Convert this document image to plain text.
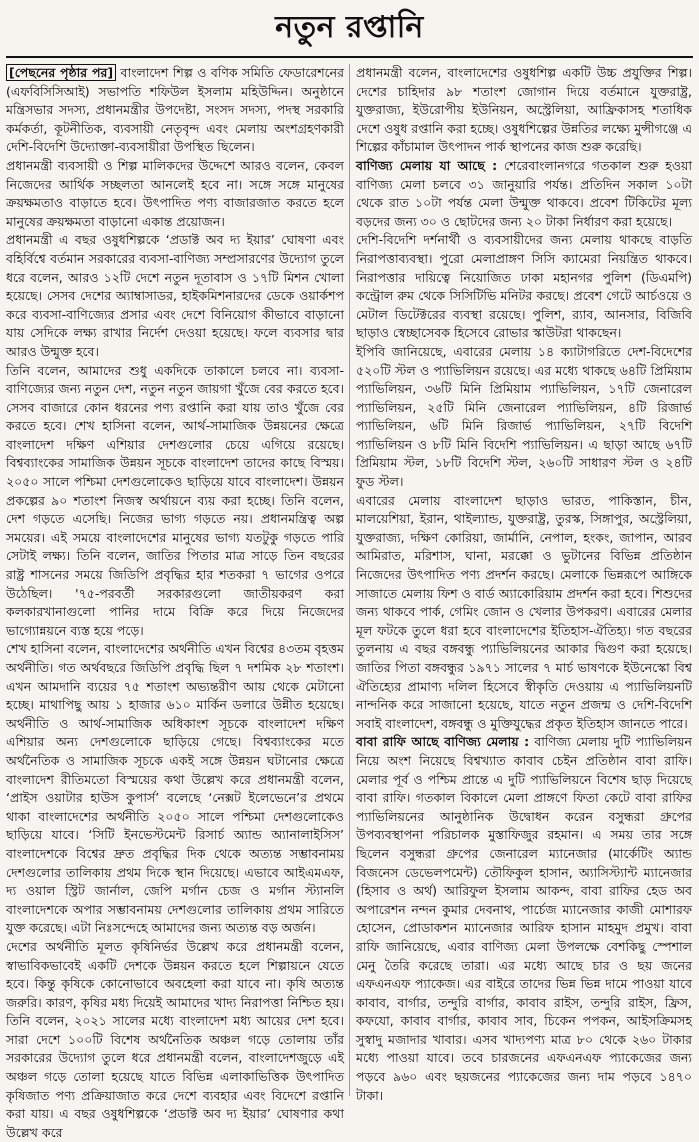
নতুন রপ্তানি

[পেছনের পৃষ্ঠার পর] বাংলাদেশ শিল্প ও বণিক সমিতি ফেডারেশনের (এফবিসিসিআই) সভাপতি শফিউল ইসলাম মহিউদ্দিন। অনুষ্ঠানে মন্ত্রিসভার সদস্য, প্রধানমন্ত্রীর উপদেষ্টা, সংসদ সদস্য, পদস্থ সরকারি কর্মকর্তা, কূটনীতিক, ব্যবসায়ী নেতৃবৃন্দ এবং মেলায় অংশগ্রহণকারী দেশি-বিদেশি উদ্যোক্তা-ব্যবসায়ীরা উপস্থিত ছিলেন।

প্রধানমন্ত্রী ব্যবসায়ী ও শিল্প মালিকদের উদ্দেশে আরও বলেন, কেবল নিজেদের আর্থিক সচ্ছলতা আনলেই হবে না। সঙ্গে সঙ্গে মানুষের ক্রয়ক্ষমতাও বাড়াতে হবে। উৎপাদিত পণ্য বাজারজাত করতে হলে মানুষের ক্রয়ক্ষমতা বাড়ানো একান্ত প্রয়োজন।

প্রধানমন্ত্রী এ বছর ওষুধশিল্পকে ‘প্রডাক্ট অব দ্য ইয়ার’ ঘোষণা এবং বহির্বিশ্বে বর্তমান সরকারের ব্যবসা-বাণিজ্য সম্প্রসারণের উদ্যোগ তুলে ধরে বলেন, আরও ১২টি দেশে নতুন দূতাবাস ও ১৭টি মিশন খোলা হয়েছে। সেসব দেশের অ্যাম্বাসাডর, হাইকমিশনারদের ডেকে ওয়ার্কশপ করে ব্যবসা-বাণিজ্যের প্রসার এবং দেশে বিনিয়োগ কীভাবে বাড়ানো যায় সেদিকে লক্ষ্য রাখার নির্দেশ দেওয়া হয়েছে। ফলে ব্যবসার দ্বার আরও উন্মুক্ত হবে।

তিনি বলেন, আমাদের শুধু একদিকে তাকালে চলবে না। ব্যবসা-বাণিজ্যের জন্য নতুন দেশ, নতুন নতুন জায়গা খুঁজে বের করতে হবে। সেসব বাজারে কোন ধরনের পণ্য রপ্তানি করা যায় তাও খুঁজে বের করতে হবে। শেখ হাসিনা বলেন, আর্থ-সামাজিক উন্নয়নের ক্ষেত্রে বাংলাদেশ দক্ষিণ এশিয়ার দেশগুলোর চেয়ে এগিয়ে রয়েছে। বিশ্বব্যাংকের সামাজিক উন্নয়ন সূচকে বাংলাদেশ তাদের কাছে বিস্ময়। ২০৫০ সালে পশ্চিমা দেশগুলোকেও ছাড়িয়ে যাবে বাংলাদেশ। উন্নয়ন প্রকল্পের ৯০ শতাংশ নিজস্ব অর্থায়নে ব্যয় করা হচ্ছে। তিনি বলেন, দেশ গড়তে এসেছি। নিজের ভাগ্য গড়তে নয়। প্রধানমন্ত্রিত্ব অল্প সময়ের। এই সময়ে বাংলাদেশের মানুষের ভাগ্য যতটুকু গড়তে পারি সেটাই লক্ষ্য। তিনি বলেন, জাতির পিতার মাত্র সাড়ে তিন বছরের রাষ্ট্র শাসনের সময়ে জিডিপি প্রবৃদ্ধির হার শতকরা ৭ ভাগের ওপরে উঠেছিল। '৭৫-পরবর্তী সরকারগুলো জাতীয়করণ করা কলকারখানাগুলো পানির দামে বিক্রি করে দিয়ে নিজেদের ভাগ্যোন্নয়নে ব্যস্ত হয়ে পড়ে।

শেখ হাসিনা বলেন, বাংলাদেশের অর্থনীতি এখন বিশ্বের ৪৩তম বৃহত্তম অর্থনীতি। গত অর্থবছরে জিডিপি প্রবৃদ্ধি ছিল ৭ দশমিক ২৮ শতাংশ। এখন আমদানি ব্যয়ের ৭৫ শতাংশ অভ্যন্তরীণ আয় থেকে মেটানো হচ্ছে। মাথাপিছু আয় ১ হাজার ৬১০ মার্কিন ডলারে উন্নীত হয়েছে। অর্থনীতি ও আর্থ-সামাজিক অধিকাংশ সূচকে বাংলাদেশ দক্ষিণ এশিয়ার অন্য দেশগুলোকে ছাড়িয়ে গেছে। বিশ্বব্যাংকের মতে অর্থনৈতিক ও সামাজিক সূচকে একই সঙ্গে উন্নয়ন ঘটানোর ক্ষেত্রে বাংলাদেশ রীতিমতো বিস্ময়ের কথা উল্লেখ করে প্রধানমন্ত্রী বলেন, ‘প্রাইস ওয়াটার হাউস কুপার্স’ বলেছে ‘নেক্সট ইলেভেনে’র প্রথমে থাকা বাংলাদেশের অর্থনীতি ২০৫০ সালে পশ্চিমা দেশগুলোকেও ছাড়িয়ে যাবে। ‘সিটি ইনভেস্টমেন্ট রিসার্চ অ্যান্ড অ্যানালাইসিস’ বাংলাদেশকে বিশ্বের দ্রুত প্রবৃদ্ধির দিক থেকে অত্যন্ত সম্ভাবনাময় দেশগুলোর তালিকায় প্রথম দিকে স্থান দিয়েছে। এভাবে আইএমএফ, দ্য ওয়াল স্ট্রিট জার্নাল, জেপি মর্গান চেজ ও মর্গান স্ট্যানলি বাংলাদেশকে অপার সম্ভাবনাময় দেশগুলোর তালিকায় প্রথম সারিতে যুক্ত করেছে। এটা নিঃসন্দেহে আমাদের জন্য অত্যন্ত বড় অর্জন।

দেশের অর্থনীতি মূলত কৃষিনির্ভর উল্লেখ করে প্রধানমন্ত্রী বলেন, স্বাভাবিকভাবেই একটি দেশকে উন্নয়ন করতে হলে শিল্পায়নে যেতে হবে। কিন্তু কৃষিকে কোনোভাবে অবহেলা করা যাবে না। কৃষি অত্যন্ত জরুরি। কারণ, কৃষির মধ্য দিয়েই আমাদের খাদ্য নিরাপত্তা নিশ্চিত হয়। তিনি বলেন, ২০২১ সালের মধ্যে বাংলাদেশ মধ্য আয়ের দেশ হবে। সারা দেশে ১০০টি বিশেষ অর্থনৈতিক অঞ্চল গড়ে তোলায় তাঁর সরকারের উদ্যোগ তুলে ধরে প্রধানমন্ত্রী বলেন, বাংলাদেশজুড়ে এই অঞ্চল গড়ে তোলা হয়েছে যাতে বিভিন্ন এলাকাভিত্তিক উৎপাদিত কৃষিজাত পণ্য প্রক্রিয়াজাত করে দেশে ব্যবহার এবং বিদেশে রপ্তানি করা যায়। এ বছর ওষুধশিল্পকে ‘প্রডাক্ট অব দ্য ইয়ার’ ঘোষণার কথা উল্লেখ করে

প্রধানমন্ত্রী বলেন, বাংলাদেশের ওষুধশিল্প একটি উচ্চ প্রযুক্তির শিল্প। দেশের চাহিদার ৯৮ শতাংশ জোগান দিয়ে বর্তমানে যুক্তরাষ্ট্র, যুক্তরাজ্য, ইউরোপীয় ইউনিয়ন, অস্ট্রেলিয়া, আফ্রিকাসহ শতাধিক দেশে ওষুধ রপ্তানি করা হচ্ছে। ওষুধশিল্পের উন্নতির লক্ষ্যে মুন্সীগঞ্জে এ শিল্পের কাঁচামাল উৎপাদন পার্ক স্থাপনের কাজ শুরু করেছি।

বাণিজ্য মেলায় যা আছে : শেরেবাংলানগরে গতকাল শুরু হওয়া বাণিজ্য মেলা চলবে ৩১ জানুয়ারি পর্যন্ত। প্রতিদিন সকাল ১০টা থেকে রাত ১০টা পর্যন্ত মেলা উন্মুক্ত থাকবে। প্রবেশ টিকিটের মূল্য বড়দের জন্য ৩০ ও ছোটদের জন্য ২০ টাকা নির্ধারণ করা হয়েছে।

দেশি-বিদেশি দর্শনার্থী ও ব্যবসায়ীদের জন্য মেলায় থাকছে বাড়তি নিরাপত্তাব্যবস্থা। পুরো মেলাপ্রাঙ্গণ সিসি ক্যামেরা নিয়ন্ত্রিত থাকবে। নিরাপত্তার দায়িত্বে নিয়োজিত ঢাকা মহানগর পুলিশ (ডিএমপি) কন্ট্রোল রুম থেকে সিসিটিভি মনিটর করছে। প্রবেশ গেটে আর্চওয়ে ও মেটাল ডিটেক্টরের ব্যবস্থা রয়েছে। পুলিশ, র‍্যাব, আনসার, বিজিবি ছাড়াও স্বেচ্ছাসেবক হিসেবে রোভার স্কাউটরা থাকছেন।

ইপিবি জানিয়েছে, এবারের মেলায় ১৪ ক্যাটাগরিতে দেশ-বিদেশের ৫২০টি স্টল ও প্যাভিলিয়ন রয়েছে। এর মধ্যে থাকছে ৬৪টি প্রিমিয়াম প্যাভিলিয়ন, ৩৬টি মিনি প্রিমিয়াম প্যাভিলিয়ন, ১৭টি জেনারেল প্যাভিলিয়ন, ২৫টি মিনি জেনারেল প্যাভিলিয়ন, ৪টি রিজার্ভ প্যাভিলিয়ন, ৬টি মিনি রিজার্ভ প্যাভিলিয়ন, ২৭টি বিদেশি প্যাভিলিয়ন ও ৮টি মিনি বিদেশি প্যাভিলিয়ন। এ ছাড়া আছে ৬৭টি প্রিমিয়াম স্টল, ১৮টি বিদেশি স্টল, ২৬০টি সাধারণ স্টল ও ২৪টি ফুড স্টল।

এবারের মেলায় বাংলাদেশ ছাড়াও ভারত, পাকিস্তান, চীন, মালয়েশিয়া, ইরান, থাইল্যান্ড, যুক্তরাষ্ট্র, তুরস্ক, সিঙ্গাপুর, অস্ট্রেলিয়া, যুক্তরাজ্য, দক্ষিণ কোরিয়া, জার্মানি, নেপাল, হংকং, জাপান, আরব আমিরাত, মরিশাস, ঘানা, মরক্কো ও ভুটানের বিভিন্ন প্রতিষ্ঠান নিজেদের উৎপাদিত পণ্য প্রদর্শন করছে। মেলাকে ভিন্নরূপে আঙ্গিকে সাজাতে মেলায় ফিশ ও বার্ড অ্যাকোরিয়াম প্রদর্শন করা হবে। শিশুদের জন্য থাকবে পার্ক, গেমিং জোন ও খেলার উপকরণ। এবারের মেলার মূল ফটকে তুলে ধরা হবে বাংলাদেশের ইতিহাস-ঐতিহ্য। গত বছরের তুলনায় এ বছর বঙ্গবন্ধু প্যাভিলিয়নের আকার দ্বিগুণ করা হয়েছে। জাতির পিতা বঙ্গবন্ধুর ১৯৭১ সালের ৭ মার্চ ভাষণকে ইউনেস্কো বিশ্ব ঐতিহ্যের প্রামাণ্য দলিল হিসেবে স্বীকৃতি দেওয়ায় এ প্যাভিলিয়নটি নান্দনিক করে সাজানো হয়েছে, যাতে নতুন প্রজন্ম ও দেশি-বিদেশি সবাই বাংলাদেশ, বঙ্গবন্ধু ও মুক্তিযুদ্ধের প্রকৃত ইতিহাস জানতে পারে।

বাবা রাফি আছে বাণিজ্য মেলায় : বাণিজ্য মেলায় দুটি প্যাভিলিয়ন নিয়ে অংশ নিয়েছে বিশ্বখ্যাত কাবাব চেইন প্রতিষ্ঠান বাবা রাফি। মেলার পূর্ব ও পশ্চিম প্রান্তে এ দুটি প্যাভিলিয়নে বিশেষ ছাড় দিয়েছে বাবা রাফি। গতকাল বিকালে মেলা প্রাঙ্গণে ফিতা কেটে বাবা রাফির প্যাভিলিয়নের আনুষ্ঠানিক উদ্বোধন করেন বসুন্ধরা গ্রুপের উপব্যবস্থাপনা পরিচালক মুস্তাফিজুর রহমান। এ সময় তার সঙ্গে ছিলেন বসুন্ধরা গ্রুপের জেনারেল ম্যানেজার (মার্কেটিং অ্যান্ড বিজনেস ডেভেলপমেন্ট) তৌফিকুল হাসান, অ্যাসিস্ট্যান্ট ম্যানেজার (হিসাব ও অর্থ) আরিফুল ইসলাম আকন্দ, বাবা রাফির হেড অব অপারেশন নন্দন কুমার দেবনাথ, পার্চেজ ম্যানেজার কাজী মোশারফ হোসেন, প্রোডাকশন ম্যানেজার আরিফ হাসান মাহমুদ প্রমুখ। বাবা রাফি জানিয়েছে, এবার বাণিজ্য মেলা উপলক্ষে বেশকিছু স্পেশাল মেনু তৈরি করেছে তারা। এর মধ্যে আছে চার ও ছয় জনের এফএনএফ প্যাকেজ। এর বাইরে তাদের ভিন্ন ভিন্ন দামে পাওয়া যাবে কাবাব, বার্গার, তন্দুরি বার্গার, কাবাব রাইস, তন্দুরি রাইস, ফ্রিস, কফযো, কাবাব বার্গার, কাবাব সাব, চিকেন পপকন, আইসক্রিমসহ সুস্বাদু মজাদার খাবার। এসব খাদ্যপণ্য মাত্র ৮০ থেকে ২৬০ টাকার মধ্যে পাওয়া যাবে। তবে চারজনের এফএনএফ প্যাকেজের জন্য পড়বে ৯৬০ এবং ছয়জনের প্যাকেজের জন্য দাম পড়বে ১৪৭০ টাকা।
